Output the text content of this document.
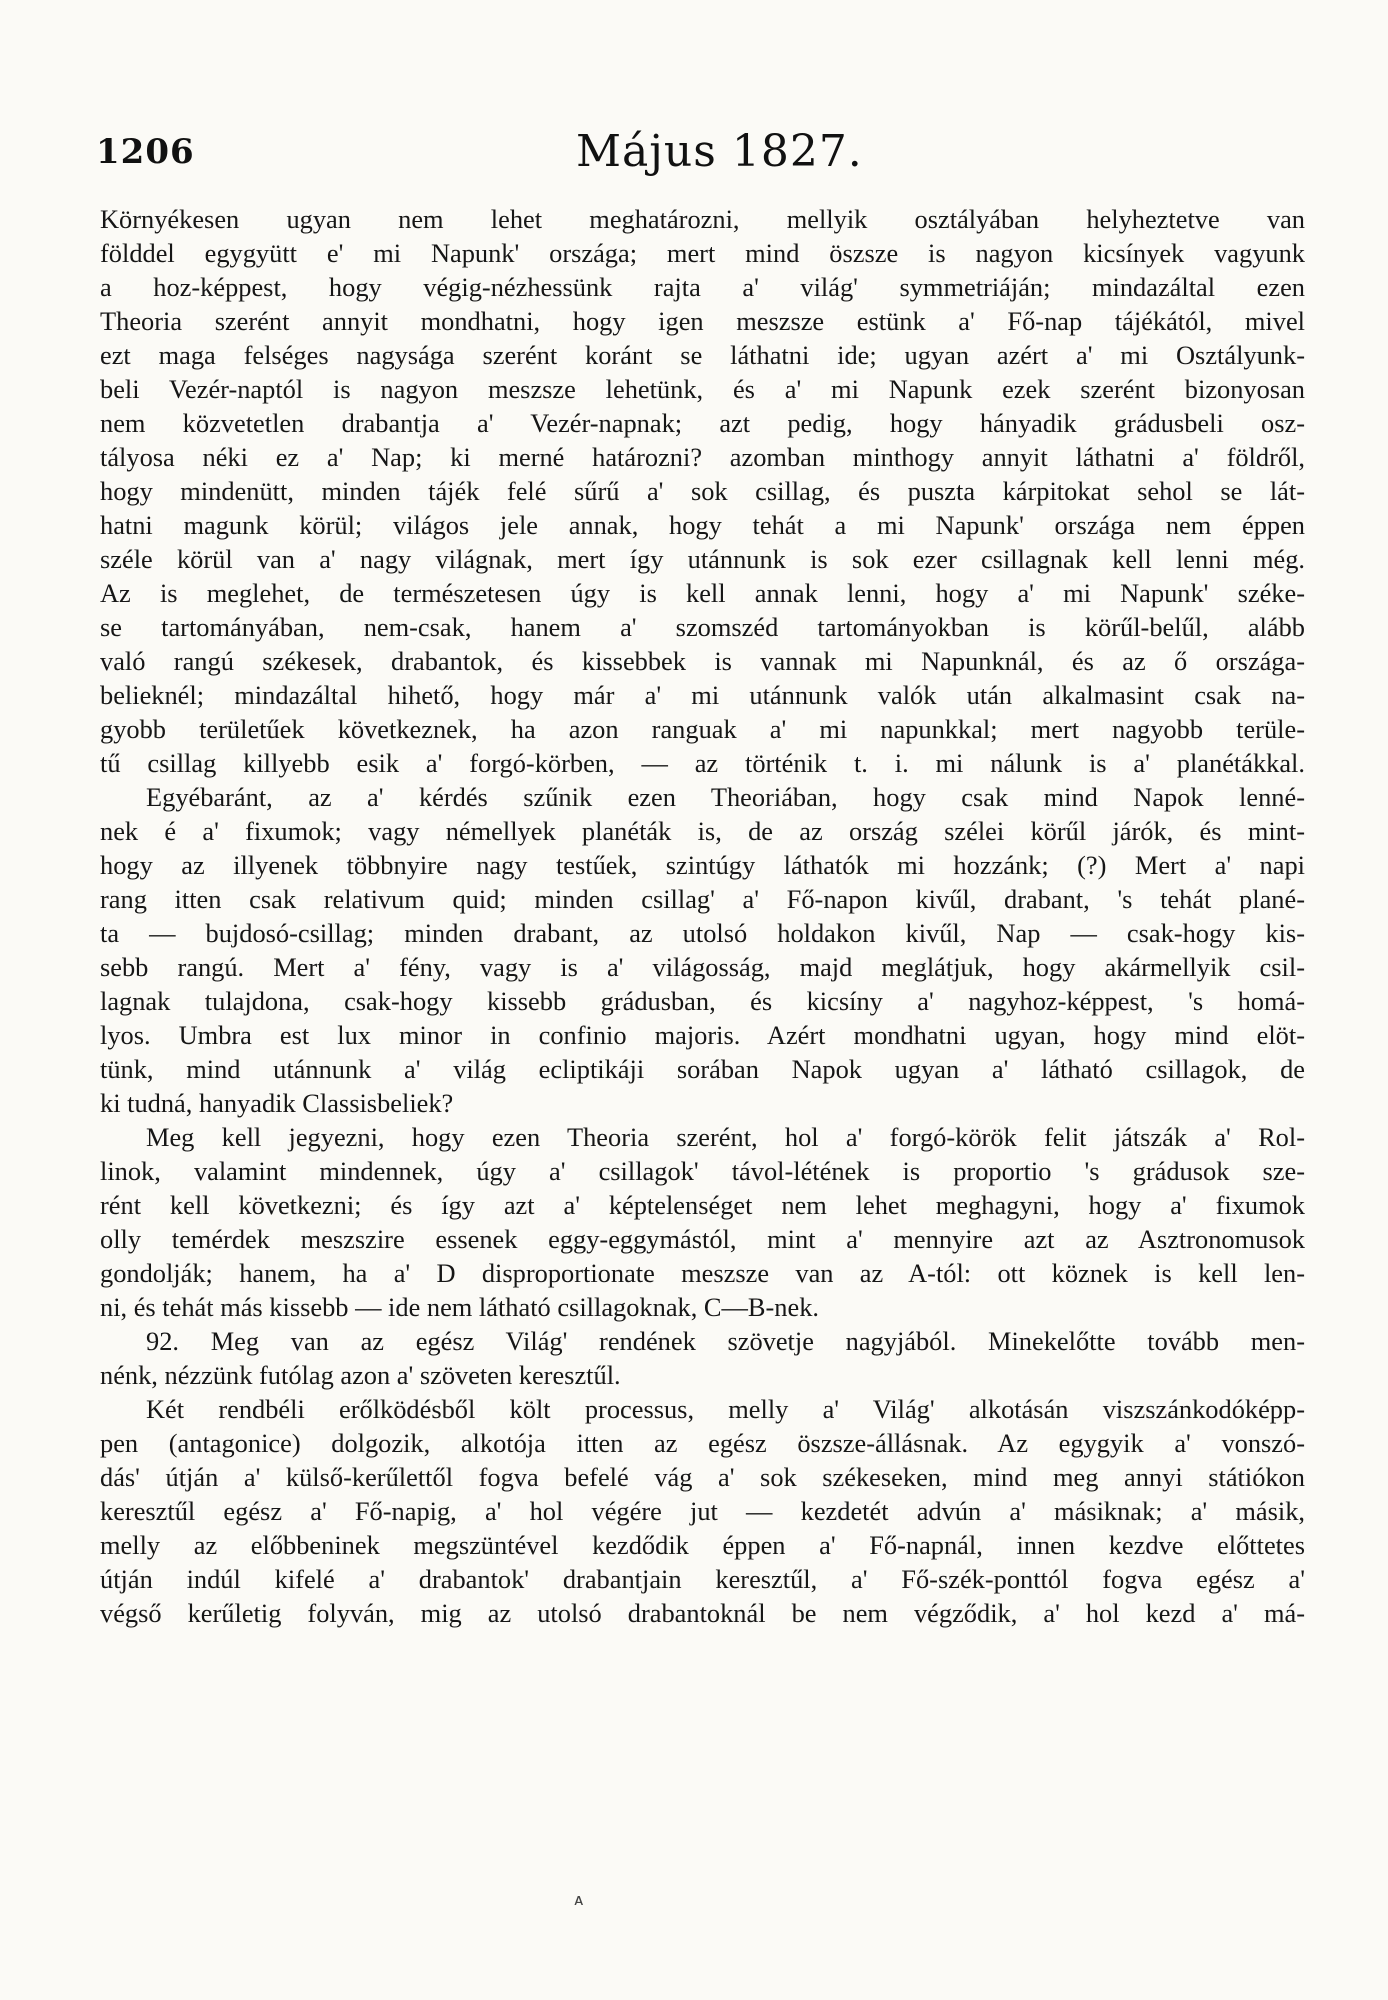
1206	Május 1827.
Környékesen ugyan nem lehet meghatározni, mellyik osztályában helyheztetve van
földdel egygyütt e' mi Napunk' országa; mert mind öszsze is nagyon kicsínyek vagyunk
a hoz-képpest, hogy végig-nézhessünk rajta a' világ' symmetriáján; mindazáltal ezen
Theoria szerént annyit mondhatni, hogy igen meszsze estünk a' Fő-nap tájékától, mivel
ezt maga felséges nagysága szerént koránt se láthatni ide; ugyan azért a' mi Osztályunk-
beli Vezér-naptól is nagyon meszsze lehetünk, és a' mi Napunk ezek szerént bizonyosan
nem közvetetlen drabantja a' Vezér-napnak; azt pedig, hogy hányadik grádusbeli osz-
tályosa néki ez a' Nap; ki merné határozni? azomban minthogy annyit láthatni a' földről,
hogy mindenütt, minden tájék felé sűrű a' sok csillag, és puszta kárpitokat sehol se lát-
hatni magunk körül; világos jele annak, hogy tehát a mi Napunk' országa nem éppen
széle körül van a' nagy világnak, mert így utánnunk is sok ezer csillagnak kell lenni még.
Az is meglehet, de természetesen úgy is kell annak lenni, hogy a' mi Napunk' széke-
se tartományában, nem-csak, hanem a' szomszéd tartományokban is körűl-belűl, alább
való rangú székesek, drabantok, és kissebbek is vannak mi Napunknál, és az ő országa-
belieknél; mindazáltal hihető, hogy már a' mi utánnunk valók után alkalmasint csak na-
gyobb területűek következnek, ha azon ranguak a' mi napunkkal; mert nagyobb terüle-
tű csillag killyebb esik a' forgó-körben, — az történik t. i. mi nálunk is a' planétákkal.
Egyébaránt, az a' kérdés szűnik ezen Theoriában, hogy csak mind Napok lenné-
nek é a' fixumok; vagy némellyek planéták is, de az ország szélei körűl járók, és mint-
hogy az illyenek többnyire nagy testűek, szintúgy láthatók mi hozzánk; (?) Mert a' napi
rang itten csak relativum quid; minden csillag' a' Fő-napon kivűl, drabant, 's tehát plané-
ta — bujdosó-csillag; minden drabant, az utolsó holdakon kivűl, Nap — csak-hogy kis-
sebb rangú. Mert a' fény, vagy is a' világosság, majd meglátjuk, hogy akármellyik csil-
lagnak tulajdona, csak-hogy kissebb grádusban, és kicsíny a' nagyhoz-képpest, 's homá-
lyos. Umbra est lux minor in confinio majoris. Azért mondhatni ugyan, hogy mind elöt-
tünk, mind utánnunk a' világ ecliptikáji sorában Napok ugyan a' látható csillagok, de
ki tudná, hanyadik Classisbeliek?
Meg kell jegyezni, hogy ezen Theoria szerént, hol a' forgó-körök felit játszák a' Rol-
linok, valamint mindennek, úgy a' csillagok' távol-létének is proportio 's grádusok sze-
rént kell következni; és így azt a' képtelenséget nem lehet meghagyni, hogy a' fixumok
olly temérdek meszszire essenek eggy-eggymástól, mint a' mennyire azt az Asztronomusok
gondolják; hanem, ha a' D disproportionate meszsze van az A-tól: ott köznek is kell len-
ni, és tehát más kissebb — ide nem látható csillagoknak, C—B-nek.
92. Meg van az egész Világ' rendének szövetje nagyjából. Minekelőtte tovább men-
nénk, nézzünk futólag azon a' szöveten keresztűl.
Két rendbéli erőlködésből költ processus, melly a' Világ' alkotásán viszszánkodóképp-
pen (antagonice) dolgozik, alkotója itten az egész öszsze-állásnak. Az egygyik a' vonszó-
dás' útján a' külső-kerűlettől fogva befelé vág a' sok székeseken, mind meg annyi státiókon
keresztűl egész a' Fő-napig, a' hol végére jut — kezdetét advún a' másiknak; a' másik,
melly az előbbeninek megszüntével kezdődik éppen a' Fő-napnál, innen kezdve előttetes
útján indúl kifelé a' drabantok' drabantjain keresztűl, a' Fő-szék-ponttól fogva egész a'
végső kerűletig folyván, mig az utolsó drabantoknál be nem végződik, a' hol kezd a' má-
ᴀ
